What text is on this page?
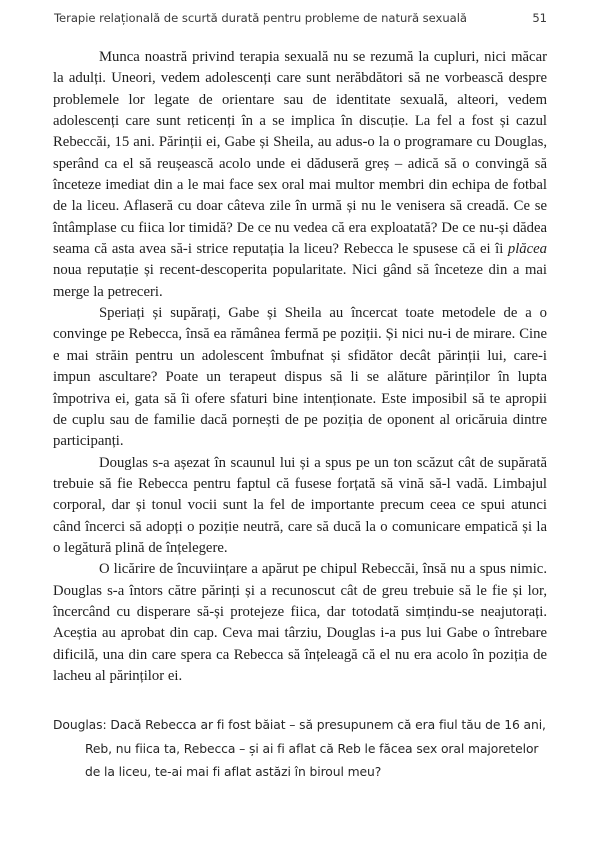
Terapie relațională de scurtă durată pentru probleme de natură sexuală	51

Munca noastră privind terapia sexuală nu se rezumă la cupluri, nici măcar la adulți. Uneori, vedem adolescenți care sunt nerăbdători să ne vorbească despre problemele lor legate de orientare sau de identitate sexuală, alteori, vedem adolescenți care sunt reticenți în a se implica în discuție. La fel a fost și cazul Rebeccăi, 15 ani. Părinții ei, Gabe și Sheila, au adus-o la o programare cu Douglas, sperând ca el să reușească acolo unde ei dăduseră greș – adică să o convingă să înceteze imediat din a le mai face sex oral mai multor membri din echipa de fotbal de la liceu. Aflaseră cu doar câteva zile în urmă și nu le venisera să creadă. Ce se întâmplase cu fiica lor timidă? De ce nu vedea că era exploatată? De ce nu-și dădea seama că asta avea să-i strice reputația la liceu? Rebecca le spusese că ei îi plăcea noua reputație și recent-descoperita popularitate. Nici gând să înceteze din a mai merge la petreceri.

Speriați și supărați, Gabe și Sheila au încercat toate metodele de a o convinge pe Rebecca, însă ea rămânea fermă pe poziții. Și nici nu-i de mirare. Cine e mai străin pentru un adolescent îmbufnat și sfidător decât părinții lui, care-i impun ascultare? Poate un terapeut dispus să li se alăture părinților în lupta împotriva ei, gata să îi ofere sfaturi bine intenționate. Este imposibil să te apropii de cuplu sau de familie dacă pornești de pe poziția de oponent al oricăruia dintre participanți.

Douglas s-a așezat în scaunul lui și a spus pe un ton scăzut cât de supărată trebuie să fie Rebecca pentru faptul că fusese forțată să vină să-l vadă. Limbajul corporal, dar și tonul vocii sunt la fel de importante precum ceea ce spui atunci când încerci să adopți o poziție neutră, care să ducă la o comunicare empatică și la o legătură plină de înțelegere.

O licărire de încuviințare a apărut pe chipul Rebeccăi, însă nu a spus nimic. Douglas s-a întors către părinți și a recunoscut cât de greu trebuie să le fie și lor, încercând cu disperare să-și protejeze fiica, dar totodată simțindu-se neajutorați. Aceștia au aprobat din cap. Ceva mai târziu, Douglas i-a pus lui Gabe o întrebare dificilă, una din care spera ca Rebecca să înțeleagă că el nu era acolo în poziția de lacheu al părinților ei.

Douglas: Dacă Rebecca ar fi fost băiat – să presupunem că era fiul tău de 16 ani, Reb, nu fiica ta, Rebecca – și ai fi aflat că Reb le făcea sex oral majoretelor de la liceu, te-ai mai fi aflat astăzi în biroul meu?
